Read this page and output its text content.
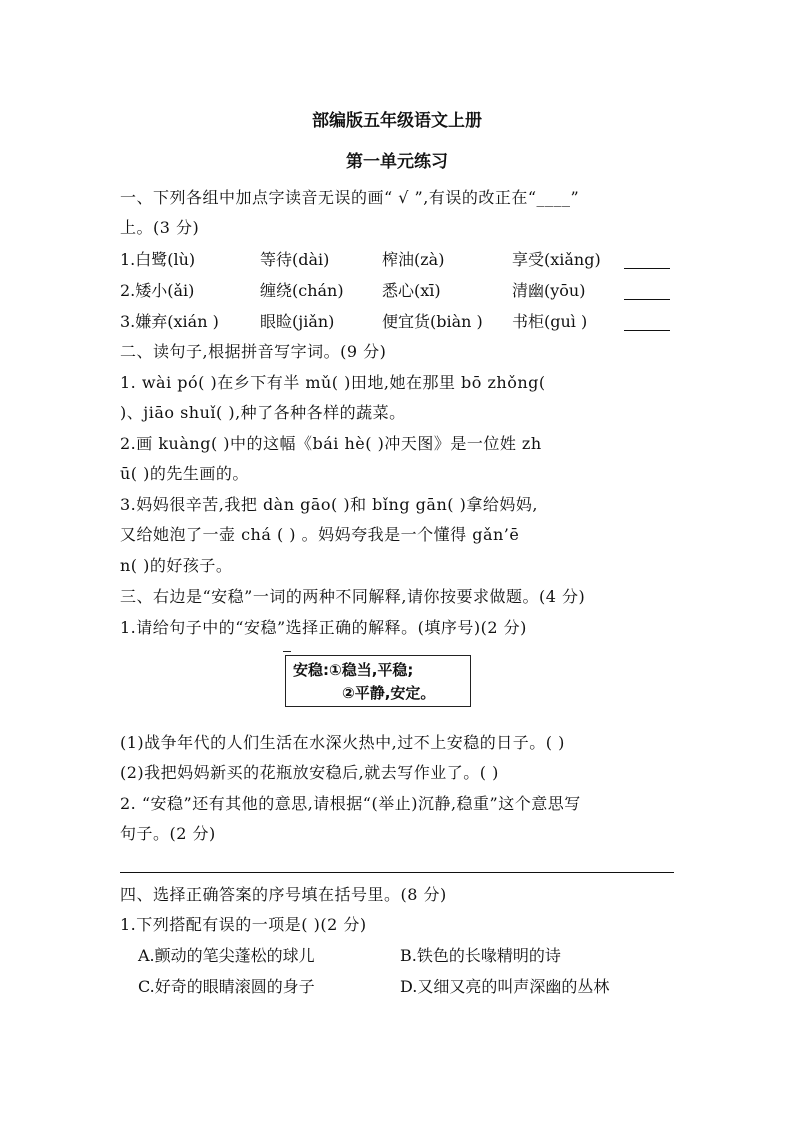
部编版五年级语文上册
第一单元练习
一、下列各组中加点字读音无误的画“ √ ”,有误的改正在“____”
上。(3 分)
1.白鹭(lù)	等待(dài)	榨油(zà)	享受(xiǎng)
2.矮小(ǎi)	缠绕(chán) 悉心(xī)	清幽(yōu)
3.嫌弃(xián )	眼睑(jiǎn)	便宜货(biàn ) 书柜(guì )
二、读句子,根据拼音写字词。(9 分)
1. wài pó( )在乡下有半 mǔ( )田地,她在那里 bō zhǒng(
)、jiāo shuǐ( ),种了各种各样的蔬菜。
2.画 kuàng( )中的这幅《bái hè( )冲天图》是一位姓 zh
ū( )的先生画的。
3.妈妈很辛苦,我把 dàn gāo( )和 bǐng gān( )拿给妈妈,
又给她泡了一壶 chá ( ) 。妈妈夸我是一个懂得 gǎn’ē
n( )的好孩子。
三、右边是“安稳”一词的两种不同解释,请你按要求做题。(4 分)
1.请给句子中的“安稳”选择正确的解释。(填序号)(2 分)
安稳:①稳当,平稳;
②平静,安定。
(1)战争年代的人们生活在水深火热中,过不上安稳的日子。( )
(2)我把妈妈新买的花瓶放安稳后,就去写作业了。( )
2. “安稳”还有其他的意思,请根据“(举止)沉静,稳重”这个意思写
句子。(2 分)
四、选择正确答案的序号填在括号里。(8 分)
1.下列搭配有误的一项是( )(2 分)
A.颤动的笔尖蓬松的球儿	B.铁色的长喙精明的诗
C.好奇的眼睛滚圆的身子	D.又细又亮的叫声深幽的丛林
